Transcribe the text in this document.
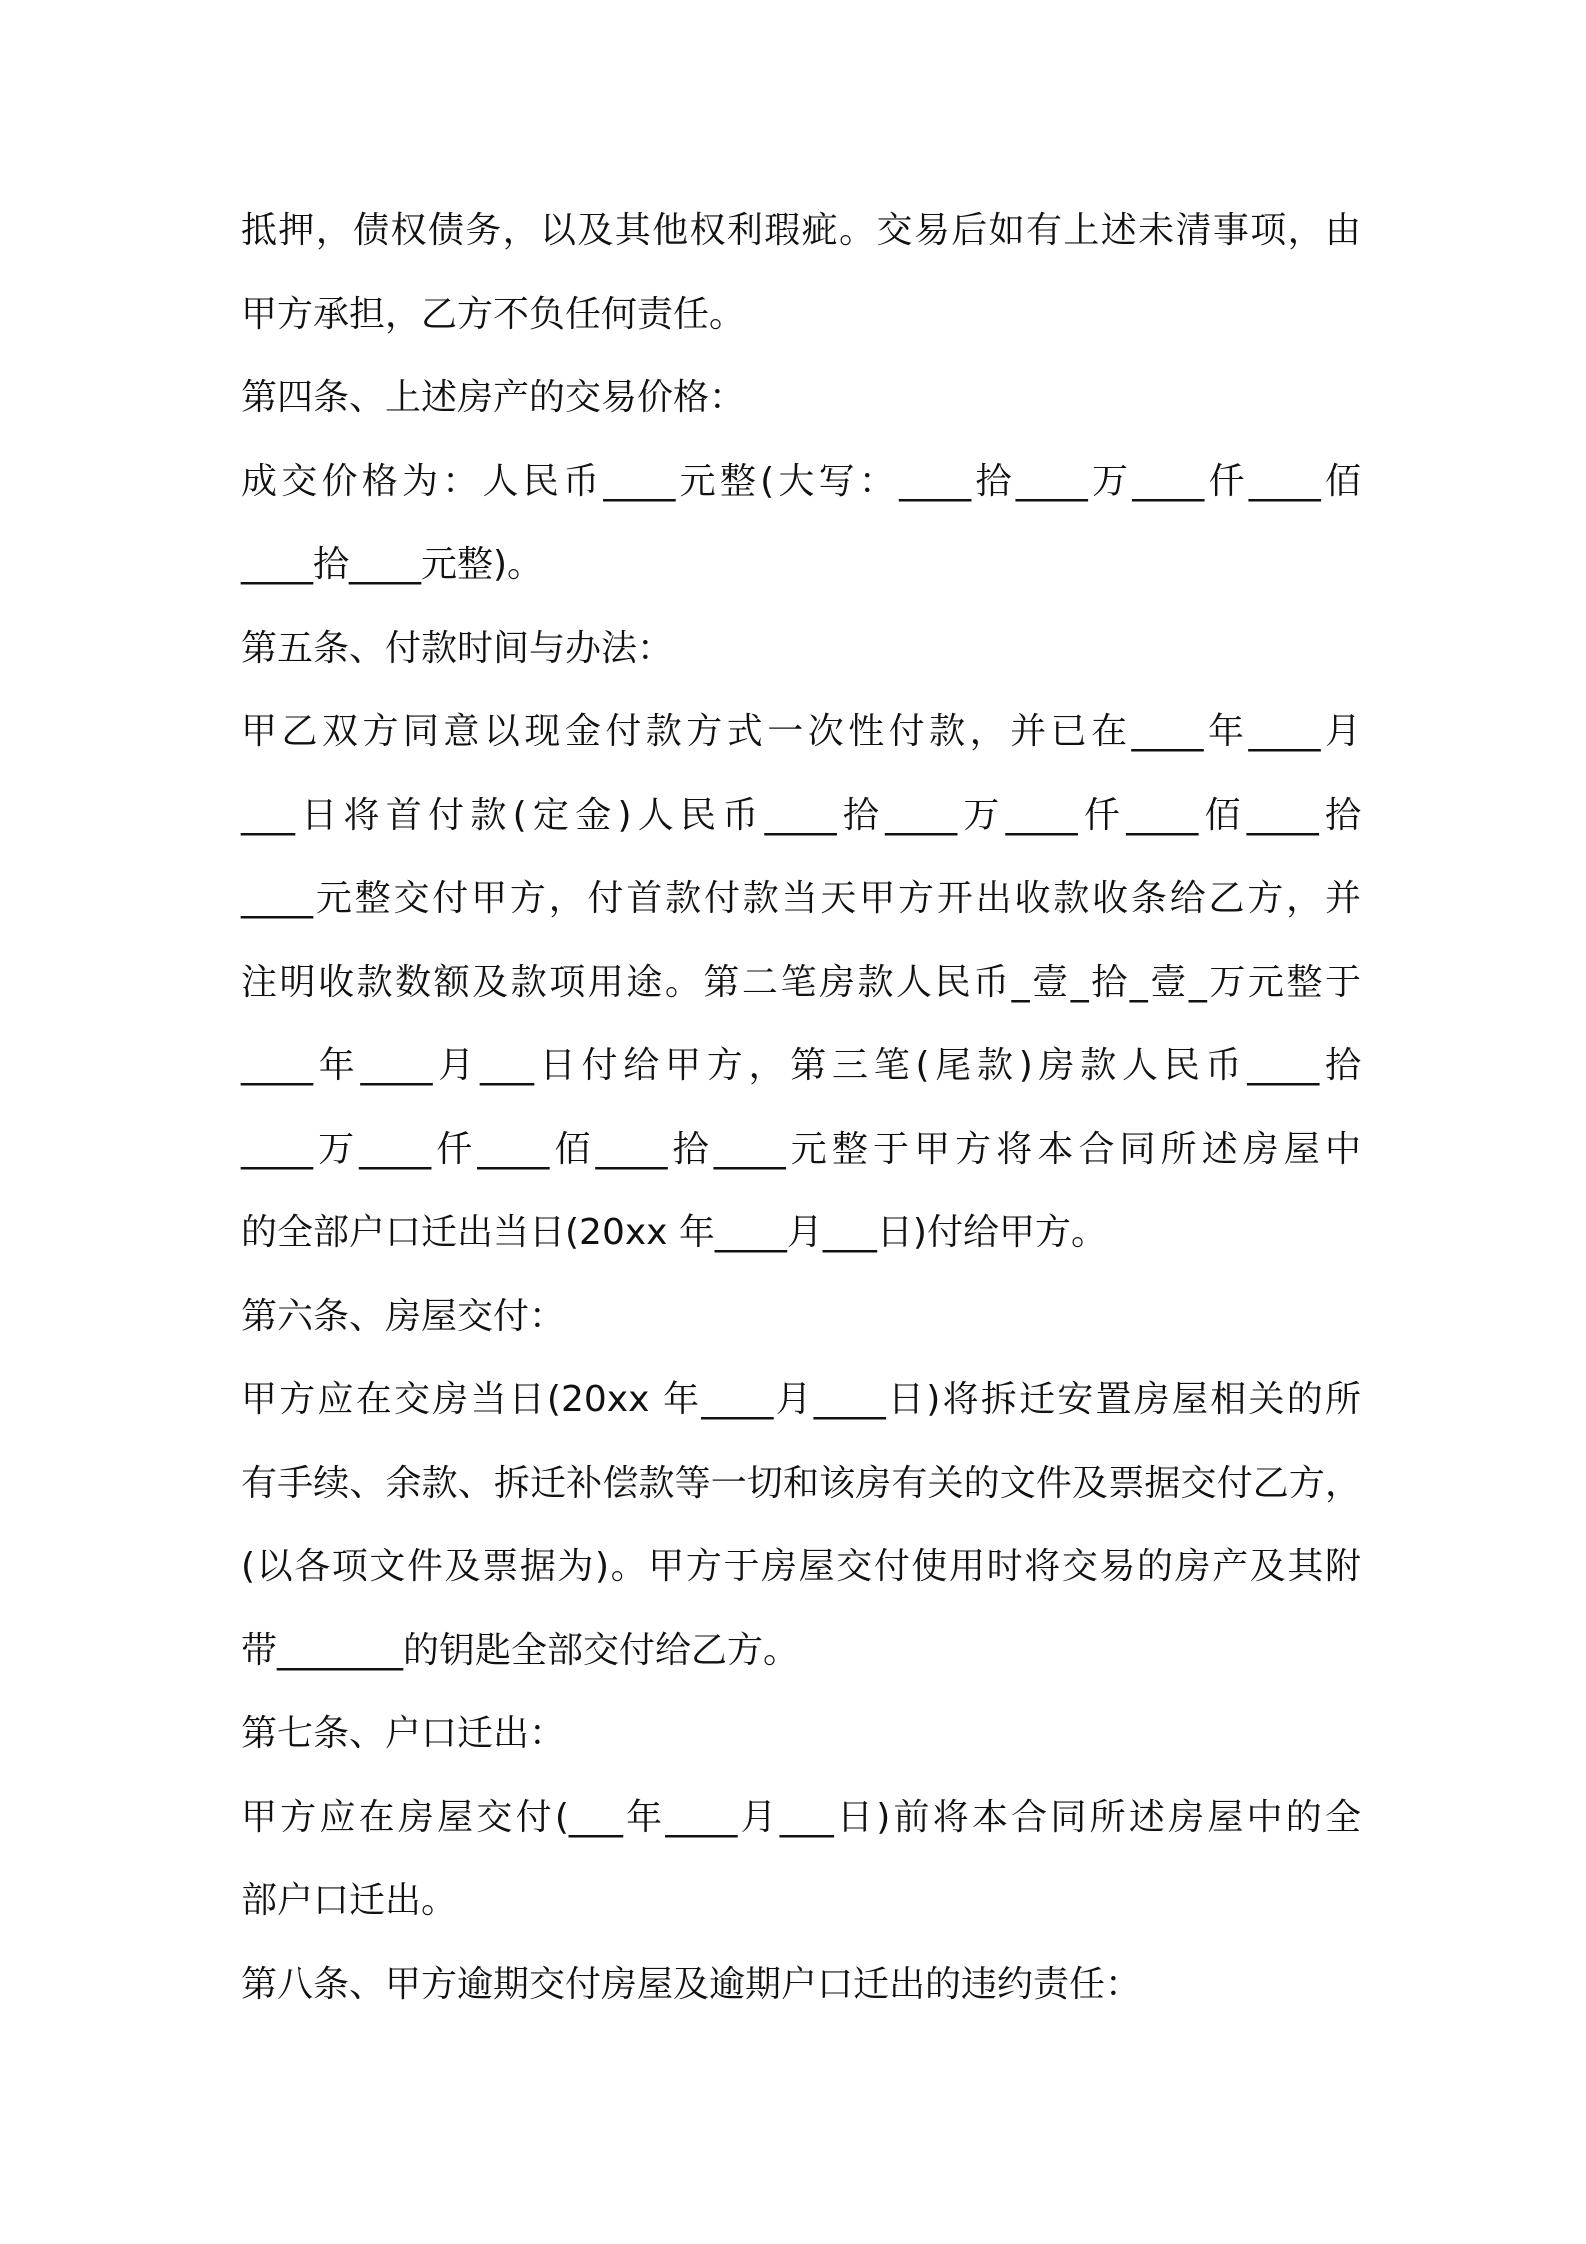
抵押，债权债务，以及其他权利瑕疵。交易后如有上述未清事项，由
甲方承担，乙方不负任何责任。
第四条、上述房产的交易价格：
成交价格为：人民币____元整(大写：____拾____万____仟____佰
____拾____元整)。
第五条、付款时间与办法：
甲乙双方同意以现金付款方式一次性付款，并已在____年____月
___日将首付款(定金)人民币____拾____万____仟____佰____拾
____元整交付甲方，付首款付款当天甲方开出收款收条给乙方，并
注明收款数额及款项用途。第二笔房款人民币_壹_拾_壹_万元整于
____年____月___日付给甲方，第三笔(尾款)房款人民币____拾
____万____仟____佰____拾____元整于甲方将本合同所述房屋中
的全部户口迁出当日(20xx 年____月___日)付给甲方。
第六条、房屋交付：
甲方应在交房当日(20xx 年____月____日)将拆迁安置房屋相关的所
有手续、余款、拆迁补偿款等一切和该房有关的文件及票据交付乙方，
(以各项文件及票据为)。甲方于房屋交付使用时将交易的房产及其附
带_______的钥匙全部交付给乙方。
第七条、户口迁出：
甲方应在房屋交付(___年____月___日)前将本合同所述房屋中的全
部户口迁出。
第八条、甲方逾期交付房屋及逾期户口迁出的违约责任：
